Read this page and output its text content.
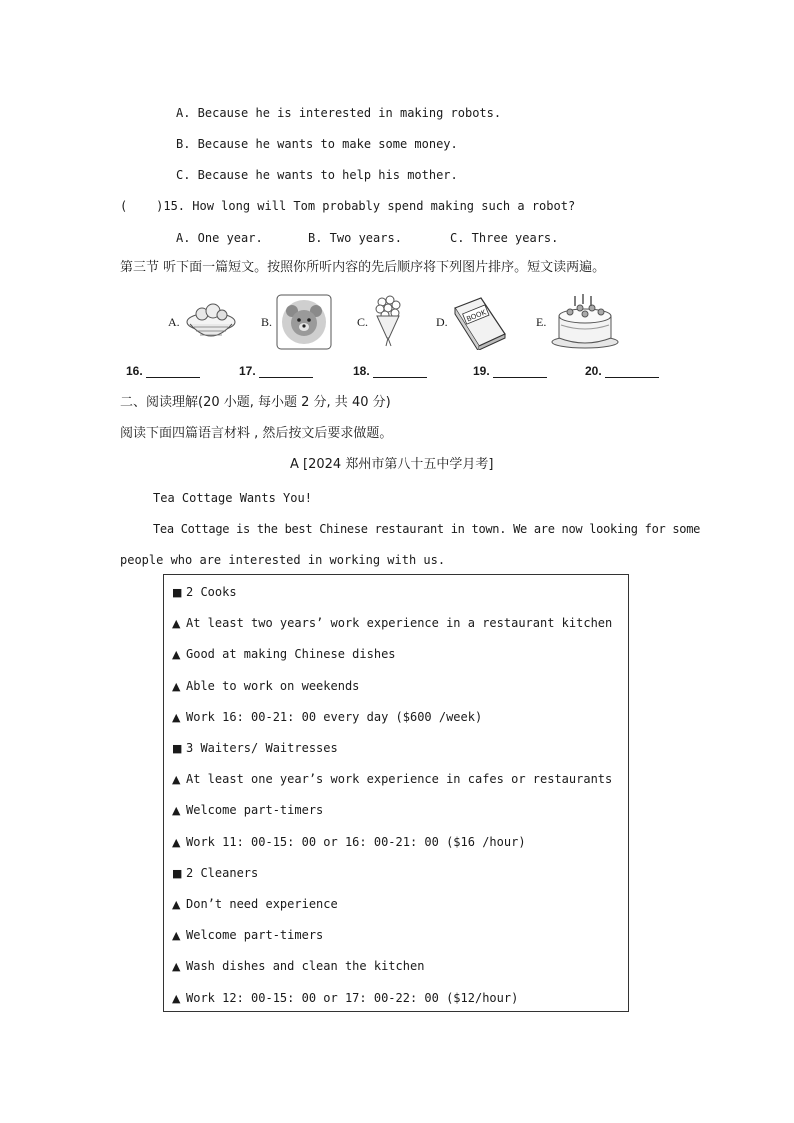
A. Because he is interested in making robots.
B. Because he wants to make some money.
C. Because he wants to help his mother.
(    )15. How long will Tom probably spend making such a robot?
A. One year.	B. Two years.	C. Three years.
第三节 听下面一篇短文。按照你所听内容的先后顺序将下列图片排序。短文读两遍。
A.	B.	C.	D.	BOOK	E.
16.	17.	18.	19.	20.
二、阅读理解(20 小题, 每小题 2 分, 共 40 分)
阅读下面四篇语言材料 , 然后按文后要求做题。
A [2024 郑州市第八十五中学月考]
Tea Cottage Wants You!
Tea Cottage is the best Chinese restaurant in town. We are now looking for some
people who are interested in working with us.
■ 2 Cooks
▲ At least two years’ work experience in a restaurant kitchen
▲ Good at making Chinese dishes
▲ Able to work on weekends
▲ Work 16: 00-21: 00 every day ($600 /week)
■ 3 Waiters/ Waitresses
▲ At least one year’s work experience in cafes or restaurants
▲ Welcome part-timers
▲ Work 11: 00-15: 00 or 16: 00-21: 00 ($16 /hour)
■ 2 Cleaners
▲ Don’t need experience
▲ Welcome part-timers
▲ Wash dishes and clean the kitchen
▲ Work 12: 00-15: 00 or 17: 00-22: 00 ($12/hour)
